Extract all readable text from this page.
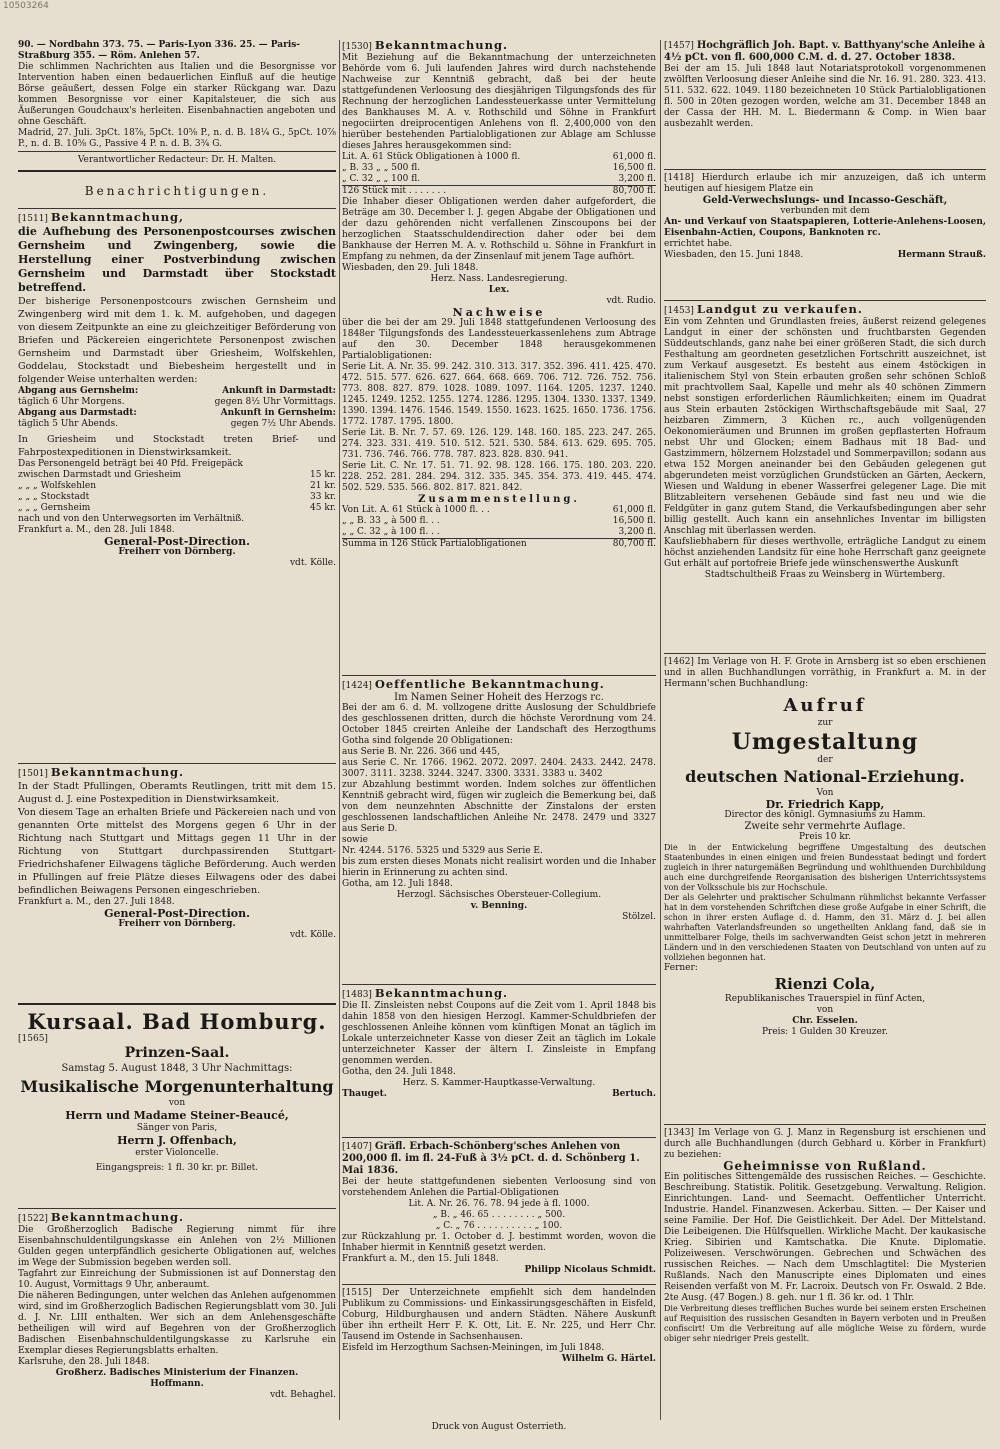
10503264

90. — Nordbahn 373. 75. — Paris-Lyon 336. 25. — Paris-

Straßburg 355. — Röm. Anlehen 57.

Die schlimmen Nachrichten aus Italien und die Besorgnisse vor Intervention haben einen bedauerlichen Einfluß auf die heutige Börse geäußert, dessen Folge ein starker Rückgang war. Dazu kommen Besorgnisse vor einer Kapitalsteuer, die sich aus Äußerungen Goudchaux's herleiten. Eisenbahnactien angeboten und ohne Geschäft.

Madrid, 27. Juli. 3pCt. 18⅞, 5pCt. 10⅝ P., n. d. B. 18¼ G., 5pCt. 10⅞ P., n. d. B. 10⅝ G., Passive 4 P. n. d. B. 3¾ G.

Verantwortlicher Redacteur: Dr. H. Malten.
Benachrichtigungen.
[1511] Bekanntmachung,

die Aufhebung des Personenpostcourses zwischen Gernsheim und Zwingenberg, sowie die Herstellung einer Postverbindung zwischen Gernsheim und Darmstadt über Stockstadt betreffend.

Der bisherige Personenpostcours zwischen Gernsheim und Zwingenberg wird mit dem 1. k. M. aufgehoben, und dagegen von diesem Zeitpunkte an eine zu gleichzeitiger Beförderung von Briefen und Päckereien eingerichtete Personenpost zwischen Gernsheim und Darmstadt über Griesheim, Wolfskehlen, Goddelau, Stockstadt und Biebesheim hergestellt und in folgender Weise unterhalten werden:

Abgang aus Gernsheim:	Ankunft in Darmstadt:
täglich 6 Uhr Morgens.	gegen 8½ Uhr Vormittags.
Abgang aus Darmstadt:	Ankunft in Gernsheim:
täglich 5 Uhr Abends.	gegen 7½ Uhr Abends.

In Griesheim und Stockstadt treten Brief- und Fahrpostexpeditionen in Dienstwirksamkeit.

Das Personengeld beträgt bei 40 Pfd. Freigepäck
zwischen Darmstadt und Griesheim	15 kr.
„ „ „ Wolfskehlen	21 kr.
„ „ „ Stockstadt	33 kr.
„ „ „ Gernsheim	45 kr.

nach und von den Unterwegsorten im Verhältniß.

Frankfurt a. M., den 28. Juli 1848.

General-Post-Direction.
Freiherr von Dörnberg.
vdt. Kölle.
[1501] Bekanntmachung.

In der Stadt Pfullingen, Oberamts Reutlingen, tritt mit dem 15. August d. J. eine Postexpedition in Dienstwirksamkeit.

Von diesem Tage an erhalten Briefe und Päckereien nach und von genannten Orte mittelst des Morgens gegen 6 Uhr in der Richtung nach Stuttgart und Mittags gegen 11 Uhr in der Richtung von Stuttgart durchpassirenden Stuttgart-Friedrichshafener Eilwagens tägliche Beförderung. Auch werden in Pfullingen auf freie Plätze dieses Eilwagens oder des dabei befindlichen Beiwagens Personen eingeschrieben.

Frankfurt a. M., den 27. Juli 1848.

General-Post-Direction.
Freiherr von Dörnberg.
vdt. Kölle.
Kursaal. Bad Homburg.
[1565]
Prinzen-Saal.
Samstag 5. August 1848, 3 Uhr Nachmittags:
Musikalische Morgenunterhaltung
von
Herrn und Madame Steiner-Beaucé,
Sänger von Paris,
Herrn J. Offenbach,
erster Violoncelle.
Eingangspreis: 1 fl. 30 kr. pr. Billet.
[1522] Bekanntmachung.

Die Großherzoglich Badische Regierung nimmt für ihre Eisenbahnschuldentilgungskasse ein Anlehen von 2½ Millionen Gulden gegen unterpfändlich gesicherte Obligationen auf, welches im Wege der Submission begeben werden soll.

Tagfahrt zur Einreichung der Submissionen ist auf Donnerstag den 10. August, Vormittags 9 Uhr, anberaumt.

Die näheren Bedingungen, unter welchen das Anlehen aufgenommen wird, sind im Großherzoglich Badischen Regierungsblatt vom 30. Juli d. J. Nr. LIII enthalten. Wer sich an dem Anlehensgeschäfte betheiligen will wird auf Begehren von der Großherzoglich Badischen Eisenbahnschuldentilgungskasse zu Karlsruhe ein Exemplar dieses Regierungsblatts erhalten.

Karlsruhe, den 28. Juli 1848.

Großherz. Badisches Ministerium der Finanzen.
Hoffmann.
vdt. Behaghel.
[1530] Bekanntmachung.

Mit Beziehung auf die Bekanntmachung der unterzeichneten Behörde vom 6. Juli laufenden Jahres wird durch nachstehende Nachweise zur Kenntniß gebracht, daß bei der heute stattgefundenen Verloosung des diesjährigen Tilgungsfonds des für Rechnung der herzoglichen Landessteuerkasse unter Vermittelung des Bankhauses M. A. v. Rothschild und Söhne in Frankfurt negociirten dreiprocentigen Anlehens von fl. 2,400,000 von den hierüber bestehenden Partialobligationen zur Ablage am Schlusse dieses Jahres herausgekommen sind:

Lit. A. 61 Stück Obligationen à 1000 fl.	61,000 fl.
„ B. 33 „ „ 500 fl.	16,500 fl.
„ C. 32 „ „ 100 fl.	3,200 fl.
126 Stück mit . . . . . . .	80,700 fl.

Die Inhaber dieser Obligationen werden daher aufgefordert, die Beträge am 30. December l. J. gegen Abgabe der Obligationen und der dazu gehörenden nicht verfallenen Zinscoupons bei der herzoglichen Staatsschuldendirection daher oder bei dem Bankhause der Herren M. A. v. Rothschild u. Söhne in Frankfurt in Empfang zu nehmen, da der Zinsenlauf mit jenem Tage aufhört.

Wiesbaden, den 29. Juli 1848.

Herz. Nass. Landesregierung.
Lex.
vdt. Rudio.
Nachweise

über die bei der am 29. Juli 1848 stattgefundenen Verloosung des 1848er Tilgungsfonds des Landessteuerkassenlehens zum Abtrage auf den 30. December 1848 herausgekommenen Partialobligationen:

Serie Lit. A. Nr. 35. 99. 242. 310. 313. 317. 352. 396. 411. 425. 470. 472. 515. 577. 626. 627. 664. 668. 669. 706. 712. 726. 752. 756. 773. 808. 827. 879. 1028. 1089. 1097. 1164. 1205. 1237. 1240. 1245. 1249. 1252. 1255. 1274. 1286. 1295. 1304. 1330. 1337. 1349. 1390. 1394. 1476. 1546. 1549. 1550. 1623. 1625. 1650. 1736. 1756. 1772. 1787. 1795. 1800.

Serie Lit. B. Nr. 7. 57. 69. 126. 129. 148. 160. 185. 223. 247. 265. 274. 323. 331. 419. 510. 512. 521. 530. 584. 613. 629. 695. 705. 731. 736. 746. 766. 778. 787. 823. 828. 830. 941.

Serie Lit. C. Nr. 17. 51. 71. 92. 98. 128. 166. 175. 180. 203. 220. 228. 252. 281. 284. 294. 312. 335. 345. 354. 373. 419. 445. 474. 502. 529. 535. 566. 802. 817. 821. 842.

Zusammenstellung.
Von Lit. A. 61 Stück à 1000 fl. . .	61,000 fl.
„ „ B. 33 „ à 500 fl. . .	16,500 fl.
„ „ C. 32 „ à 100 fl. . .	3,200 fl.
Summa in 126 Stück Partialobligationen	80,700 fl.
[1424] Oeffentliche Bekanntmachung.
Im Namen Seiner Hoheit des Herzogs rc.

Bei der am 6. d. M. vollzogene dritte Auslosung der Schuldbriefe des geschlossenen dritten, durch die höchste Verordnung vom 24. October 1845 creirten Anleihe der Landschaft des Herzogthums Gotha sind folgende 20 Obligationen:

aus Serie B. Nr. 226. 366 und 445,

aus Serie C. Nr. 1766. 1962. 2072. 2097. 2404. 2433. 2442. 2478. 3007. 3111. 3238. 3244. 3247. 3300. 3331. 3383 u. 3402

zur Abzahlung bestimmt worden. Indem solches zur öffentlichen Kenntniß gebracht wird, fügen wir zugleich die Bemerkung bei, daß von dem neunzehnten Abschnitte der Zinstalons der ersten geschlossenen landschaftlichen Anleihe Nr. 2478. 2479 und 3327 aus Serie D.

sowie

Nr. 4244. 5176. 5325 und 5329 aus Serie E.

bis zum ersten dieses Monats nicht realisirt worden und die Inhaber hierin in Erinnerung zu achten sind.

Gotha, am 12. Juli 1848.

Herzogl. Sächsisches Obersteuer-Collegium.
v. Benning.
Stölzel.
[1483] Bekanntmachung.

Die II. Zinsleisten nebst Coupons auf die Zeit vom 1. April 1848 bis dahin 1858 von den hiesigen Herzogl. Kammer-Schuldbriefen der geschlossenen Anleihe können vom künftigen Monat an täglich im Lokale unterzeichneter Kasse von dieser Zeit an täglich im Lokale unterzeichneter Kasser der ältern I. Zinsleiste in Empfang genommen werden.

Gotha, den 24. Juli 1848.

Herz. S. Kammer-Hauptkasse-Verwaltung.
Thauget.	Bertuch.
[1407] Gräfl. Erbach-Schönberg'sches Anlehen von 200,000 fl. im fl. 24-Fuß à 3½ pCt. d. d. Schönberg 1. Mai 1836.

Bei der heute stattgefundenen siebenten Verloosung sind von vorstehendem Anlehen die Partial-Obligationen

Lit. A. Nr. 26. 76. 78. 94 jede à fl. 1000.
„ B. „ 46. 65 . . . . . . . . „ 500.
„ C. „ 76 . . . . . . . . . . „ 100.

zur Rückzahlung pr. 1. October d. J. bestimmt worden, wovon die Inhaber hiermit in Kenntniß gesetzt werden.

Frankfurt a. M., den 15. Juli 1848.

Philipp Nicolaus Schmidt.

[1515] Der Unterzeichnete empfiehlt sich dem handelnden Publikum zu Commissions- und Einkassirungsgeschäften in Eisfeld, Coburg, Hildburghausen und andern Städten. Nähere Auskunft über ihn ertheilt Herr F. K. Ott, Lit. E. Nr. 225, und Herr Chr. Tausend im Ostende in Sachsenhausen.

Eisfeld im Herzogthum Sachsen-Meiningen, im Juli 1848.

Wilhelm G. Härtel.
[1457] Hochgräflich Joh. Bapt. v. Batthyany'sche Anleihe à 4½ pCt. von fl. 600,000 C.M. d. d. 27. October 1838.

Bei der am 15. Juli 1848 laut Notariatsprotokoll vorgenommenen zwölften Verloosung dieser Anleihe sind die Nr. 16. 91. 280. 323. 413. 511. 532. 622. 1049. 1180 bezeichneten 10 Stück Partialobligationen fl. 500 in 20ten gezogen worden, welche am 31. December 1848 an der Cassa der HH. M. L. Biedermann & Comp. in Wien baar ausbezahlt werden.

[1418] Hierdurch erlaube ich mir anzuzeigen, daß ich unterm heutigen auf hiesigem Platze ein

Geld-Verwechslungs- und Incasso-Geschäft,
verbunden mit dem

An- und Verkauf von Staatspapieren, Lotterie-Anlehens-Loosen, Eisenbahn-Actien, Coupons, Banknoten rc.

errichtet habe.

Wiesbaden, den 15. Juni 1848.	Hermann Strauß.
[1453] Landgut zu verkaufen.

Ein vom Zehnten und Grundlasten freies, äußerst reizend gelegenes Landgut in einer der schönsten und fruchtbarsten Gegenden Süddeutschlands, ganz nahe bei einer größeren Stadt, die sich durch Festhaltung am geordneten gesetzlichen Fortschritt auszeichnet, ist zum Verkauf ausgesetzt. Es besteht aus einem 4stöckigen in italienischem Styl von Stein erbauten großen sehr schönen Schloß mit prachtvollem Saal, Kapelle und mehr als 40 schönen Zimmern nebst sonstigen erforderlichen Räumlichkeiten; einem im Quadrat aus Stein erbauten 2stöckigen Wirthschaftsgebäude mit Saal, 27 heizbaren Zimmern, 3 Küchen rc., auch vollgenügenden Oekonomieräumen und Brunnen im großen gepflasterten Hofraum nebst Uhr und Glocken; einem Badhaus mit 18 Bad- und Gastzimmern, hölzernem Holzstadel und Sommerpavillon; sodann aus etwa 152 Morgen aneinander bei den Gebäuden gelegenen gut abgerundeten meist vorzüglichen Grundstücken an Gärten, Aeckern, Wiesen und Waldung in ebener Wasserfrei gelegener Lage. Die mit Blitzableitern versehenen Gebäude sind fast neu und wie die Feldgüter in ganz gutem Stand, die Verkaufsbedingungen aber sehr billig gestellt. Auch kann ein ansehnliches Inventar im billigsten Anschlag mit überlassen werden.

Kaufsliebhabern für dieses werthvolle, erträgliche Landgut zu einem höchst anziehenden Landsitz für eine hohe Herrschaft ganz geeignete Gut erhält auf portofreie Briefe jede wünschenswerthe Auskunft

Stadtschultheiß Fraas zu Weinsberg in Würtemberg.

[1462] Im Verlage von H. F. Grote in Arnsberg ist so eben erschienen und in allen Buchhandlungen vorräthig, in Frankfurt a. M. in der Hermann'schen Buchhandlung:

Aufruf
zur
Umgestaltung
der
deutschen National-Erziehung.
Von
Dr. Friedrich Kapp,
Director des königl. Gymnasiums zu Hamm.
Zweite sehr vermehrte Auflage.
Preis 10 kr.

Die in der Entwickelung begriffene Umgestaltung des deutschen Staatenbundes in einen einigen und freien Bundesstaat bedingt und fordert zugleich in ihrer naturgemäßen Begründung und wohlthuenden Durchbildung auch eine durchgreifende Reorganisation des bisherigen Unterrichtssystems von der Volksschule bis zur Hochschule.

Der als Gelehrter und praktischer Schulmann rühmlichst bekannte Verfasser hat in dem vorstehenden Schriftchen diese große Aufgabe in einer Schrift, die schon in ihrer ersten Auflage d. d. Hamm, den 31. März d. J. bei allen wahrhaften Vaterlandsfreunden so ungetheilten Anklang fand, daß sie in unmittelbarer Folge, theils im sachverwandten Geist schon jetzt in mehreren Ländern und in den verschiedenen Staaten von Deutschland von unten auf zu vollziehen begonnen hat.

Ferner:
Rienzi Cola,
Republikanisches Trauerspiel in fünf Acten,
von
Chr. Esselen.
Preis: 1 Gulden 30 Kreuzer.

[1343] Im Verlage von G. J. Manz in Regensburg ist erschienen und durch alle Buchhandlungen (durch Gebhard u. Körber in Frankfurt) zu beziehen:

Geheimnisse von Rußland.

Ein politisches Sittengemälde des russischen Reiches. — Geschichte. Beschreibung. Statistik. Politik. Gesetzgebung. Verwaltung. Religion. Einrichtungen. Land- und Seemacht. Oeffentlicher Unterricht. Industrie. Handel. Finanzwesen. Ackerbau. Sitten. — Der Kaiser und seine Familie. Der Hof. Die Geistlichkeit. Der Adel. Der Mittelstand. Die Leibeigenen. Die Hülfsquellen. Wirkliche Macht. Der kaukasische Krieg. Sibirien und Kamtschatka. Die Knute. Diplomatie. Polizeiwesen. Verschwörungen. Gebrechen und Schwächen des russischen Reiches. — Nach dem Umschlagtitel: Die Mysterien Rußlands. Nach den Manuscripte eines Diplomaten und eines Reisenden verfaßt von M. Fr. Lacroix. Deutsch von Fr. Oswald. 2 Bde. 2te Ausg. (47 Bogen.) 8. geh. nur 1 fl. 36 kr. od. 1 Thlr.

Die Verbreitung dieses trefflichen Buches wurde bei seinem ersten Erscheinen auf Requisition des russischen Gesandten in Bayern verboten und in Preußen confiscirt! Um die Verbreitung auf alle mögliche Weise zu fördern, wurde obiger sehr niedriger Preis gestellt.

Druck von August Osterrieth.
